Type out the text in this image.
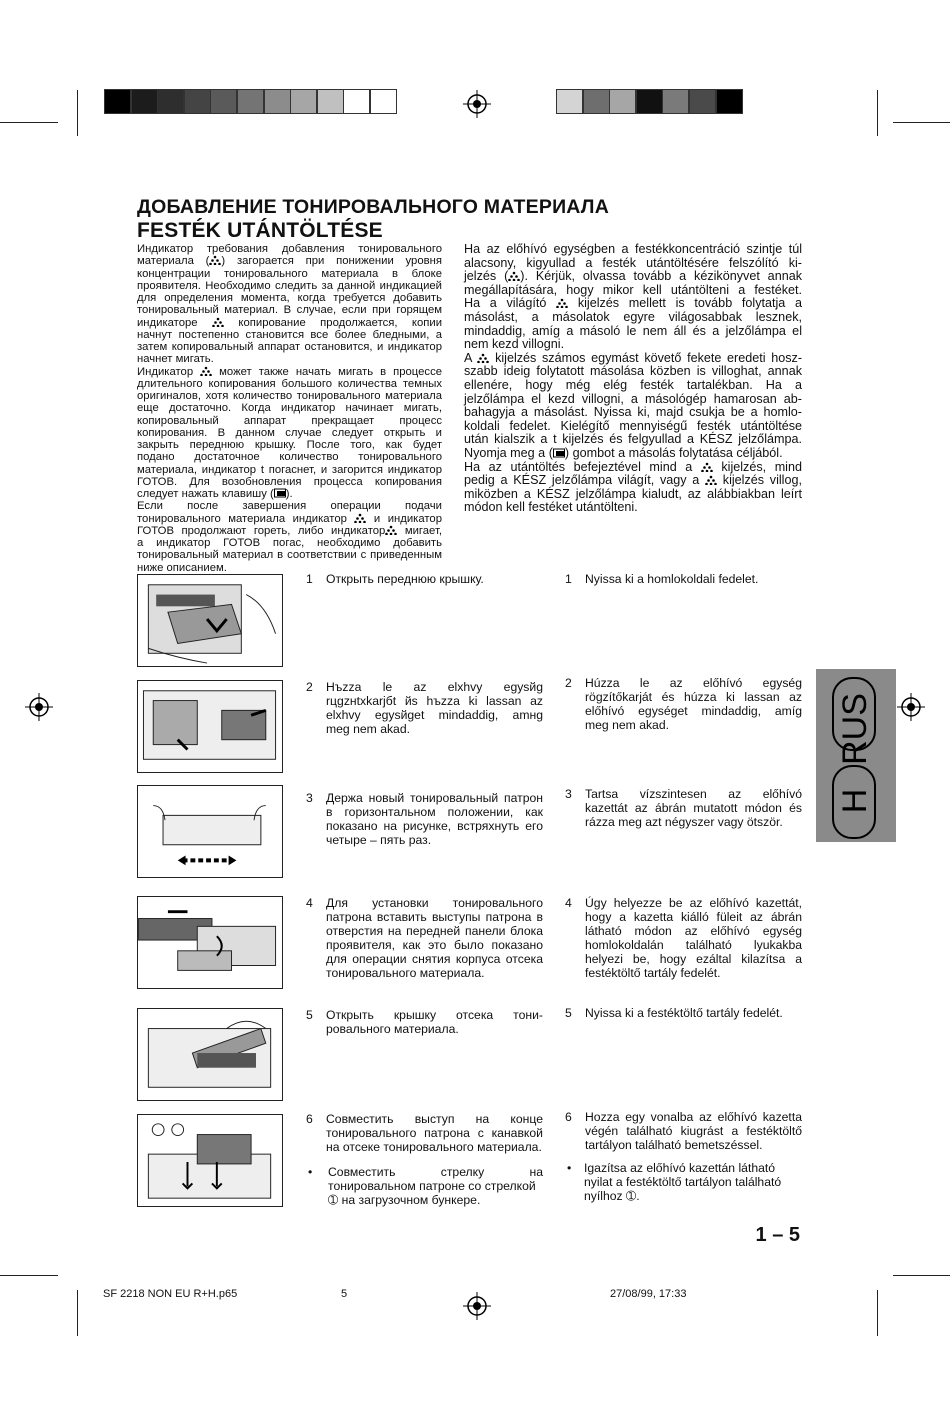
ДОБАВЛЕНИЕ ТОНИРОВАЛЬНОГО МАТЕРИАЛА
FESTÉK UTÁNTÖLTÉSE

Индикатор требования добавления тонировального

материала ( ) загорается при понижении уровня

концентрации тонировального материала в блоке

проявителя. Необходимо следить за данной индикацией

для определения момента, когда требуется добавить

тонировальный материал. В случае, если при горящем

индикаторе	копирование продолжается, копии

начнут постепенно становится все более бледными, а

затем копировальный аппарат остановится, и индикатор

начнет мигать.

Индикатор может также начать мигать в процессе

длительного копирования большого количества темных

оригиналов, хотя количество тонировального материала

еще достаточно. Когда индикатор начинает мигать,

копировальный аппарат прекращает процесс

копирования. В данном случае следует открыть и

закрыть переднюю крышку. После того, как будет

подано достаточное количество тонировального

материала, индикатор t погаснет, и загорится индикатор

ГОТОВ. Для возобновления процесса копирования

следует нажать клавишу ( ).

Если после завершения операции подачи

тонировального материала индикатор и индикатор

ГОТОВ продолжают гореть, либо индикатор мигает,

а индикатор ГОТОВ погас, необходимо добавить

тонировальный материал в соответствии с приведенным

ниже описанием.

Ha az előhívó egységben a festékkoncentráció szintje túl

alacsony, kigyullad a festék utántöltésére felszólító ki-

jelzés ( ). Kérjük, olvassa tovább a kézikönyvet annak

megállapítására, hogy mikor kell utántölteni a festéket.

Ha a világító kijelzés mellett is tovább folytatja a

másolást, a másolatok egyre világosabbak lesznek,

mindaddig, amíg a másoló le nem áll és a jelzőlámpa el

nem kezd villogni.

A kijelzés számos egymást követő fekete eredeti hosz-

szabb ideig folytatott másolása közben is villoghat, annak

ellenére, hogy még elég festék tartalékban. Ha a

jelzőlámpa el kezd villogni, a másológép hamarosan ab-

bahagyja a másolást. Nyissa ki, majd csukja be a homlo-

koldali fedelet. Kielégítő mennyiségű festék utántöltése

után kialszik a t kijelzés és felgyullad a KÉSZ jelzőlámpa.

Nyomja meg a ( ) gombot a másolás folytatása céljából.

Ha az utántöltés befejeztével mind a kijelzés, mind

pedig a KÉSZ jelzőlámpa világít, vagy a kijelzés villog,

miközben a KÉSZ jelzőlámpa kialudt, az alábbiakban leírt

módon kell festéket utántölteni.

1 Открыть переднюю крышку.	1 Nyissa ki a homlokoldali fedelet.
2 Hъzza le az elхhvy egysйg
rцgzнtхkarjбt йs hъzza ki lassan az
elхhvy egysйget mindaddig, amнg
meg nem akad.
2 Húzza le az előhívó egység
rögzítőkarját és húzza ki lassan az
előhívó egységet mindaddig, amíg
meg nem akad.
3 Держа новый тонировальный патрон
в горизонтальном положении, как
показано на рисунке, встряхнуть его
четыре – пять раз.
3 Tartsa vízszintesen az előhívó
kazettát az ábrán mutatott módon és
rázza meg azt négyszer vagy ötször.
4 Для установки тонировального
патрона вставить выступы патрона в
отверстия на передней панели блока
проявителя, как это было показано
для операции снятия корпуса отсека
тонировального материала.
4 Úgy helyezze be az előhívó kazettát,
hogy a kazetta kiálló füleit az ábrán
látható módon az előhívó egység
homlokoldalán található lyukakba
helyezi be, hogy ezáltal kilazítsa a
festéktöltő tartály fedelét.
5 Открыть крышку отсека тони-
ровального материала.
5 Nyissa ki a festéktöltő tartály fedelét.
6 Совместить выступ на конце
тонировального патрона с канавкой
на отсеке тонировального материала.
6 Hozza egy vonalba az előhívó kazetta
végén található kiugrást a festéktöltő
tartályon található bemetszéssel.
• Совместить стрелку на
тонировальном патроне со стрелкой
➀ на загрузочном бункере.
• Igazítsa az előhívó kazettán látható
nyilat a festéktöltő tartályon található
nyílhoz ➀.
H
RUS
1 – 5
SF 2218 NON EU R+H.p65	5	27/08/99, 17:33
